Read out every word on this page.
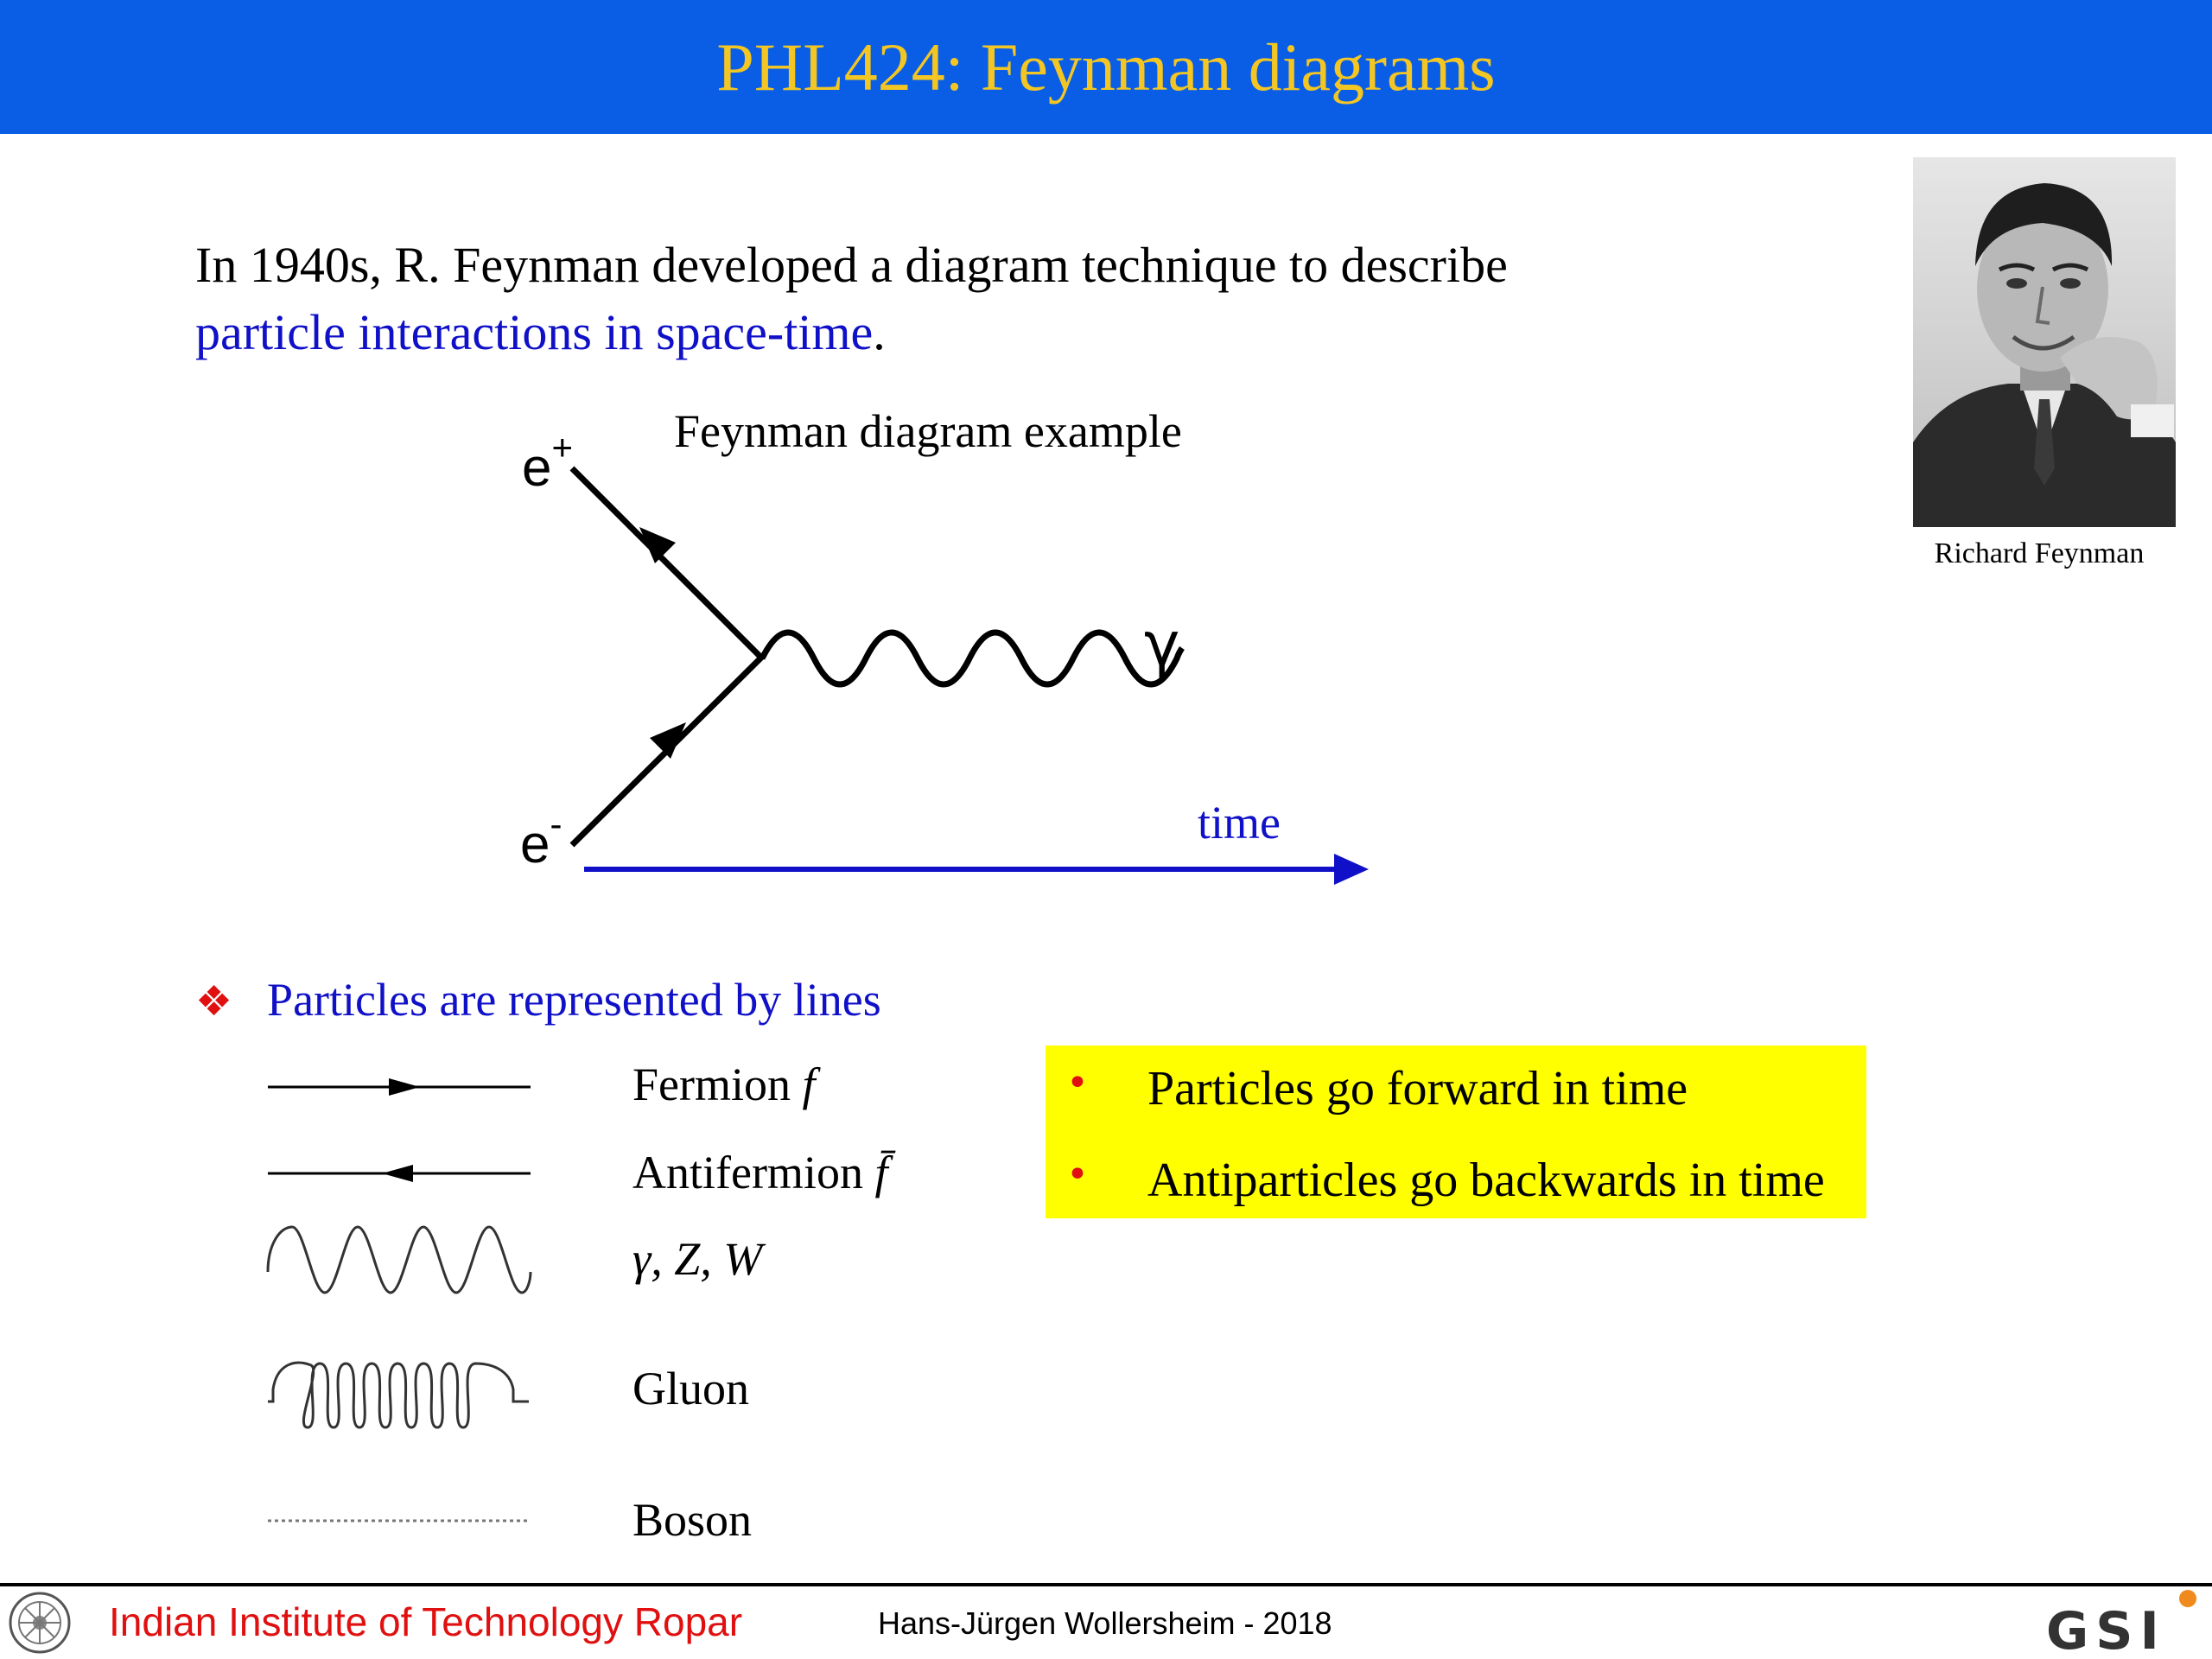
PHL424: Feynman diagrams
In 1940s, R. Feynman developed a diagram technique to describe
particle interactions in space-time.
Feynman diagram example
e+
e-
γ
time
Richard Feynman
❖ Particles are represented by lines
Fermion f
Antifermion f̄
γ, Z, W
Gluon
Boson
• Particles go forward in time
• Antiparticles go backwards in time
Indian Institute of Technology Ropar	Hans-Jürgen Wollersheim - 2018	GSI
